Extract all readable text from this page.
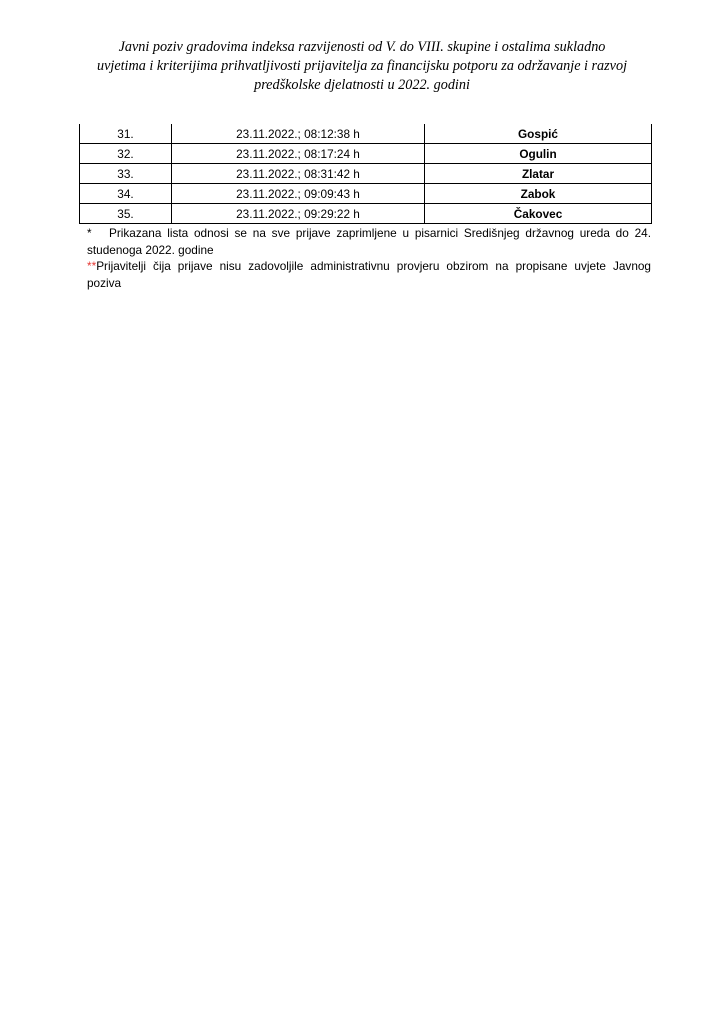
Javni poziv gradovima indeksa razvijenosti od V. do VIII. skupine i ostalima sukladno
uvjetima i kriterijima prihvatljivosti prijavitelja za financijsku potporu za održavanje i razvoj
predškolske djelatnosti u 2022. godini
31.	23.11.2022.; 08:12:38 h	Gospić
32.	23.11.2022.; 08:17:24 h	Ogulin
33.	23.11.2022.; 08:31:42 h	Zlatar
34.	23.11.2022.; 09:09:43 h	Zabok
35.	23.11.2022.; 09:29:22 h	Čakovec
* Prikazana lista odnosi se na sve prijave zaprimljene u pisarnici Središnjeg državnog ureda do 24.
studenoga 2022. godine
**Prijavitelji čija prijave nisu zadovoljile administrativnu provjeru obzirom na propisane uvjete Javnog
poziva
